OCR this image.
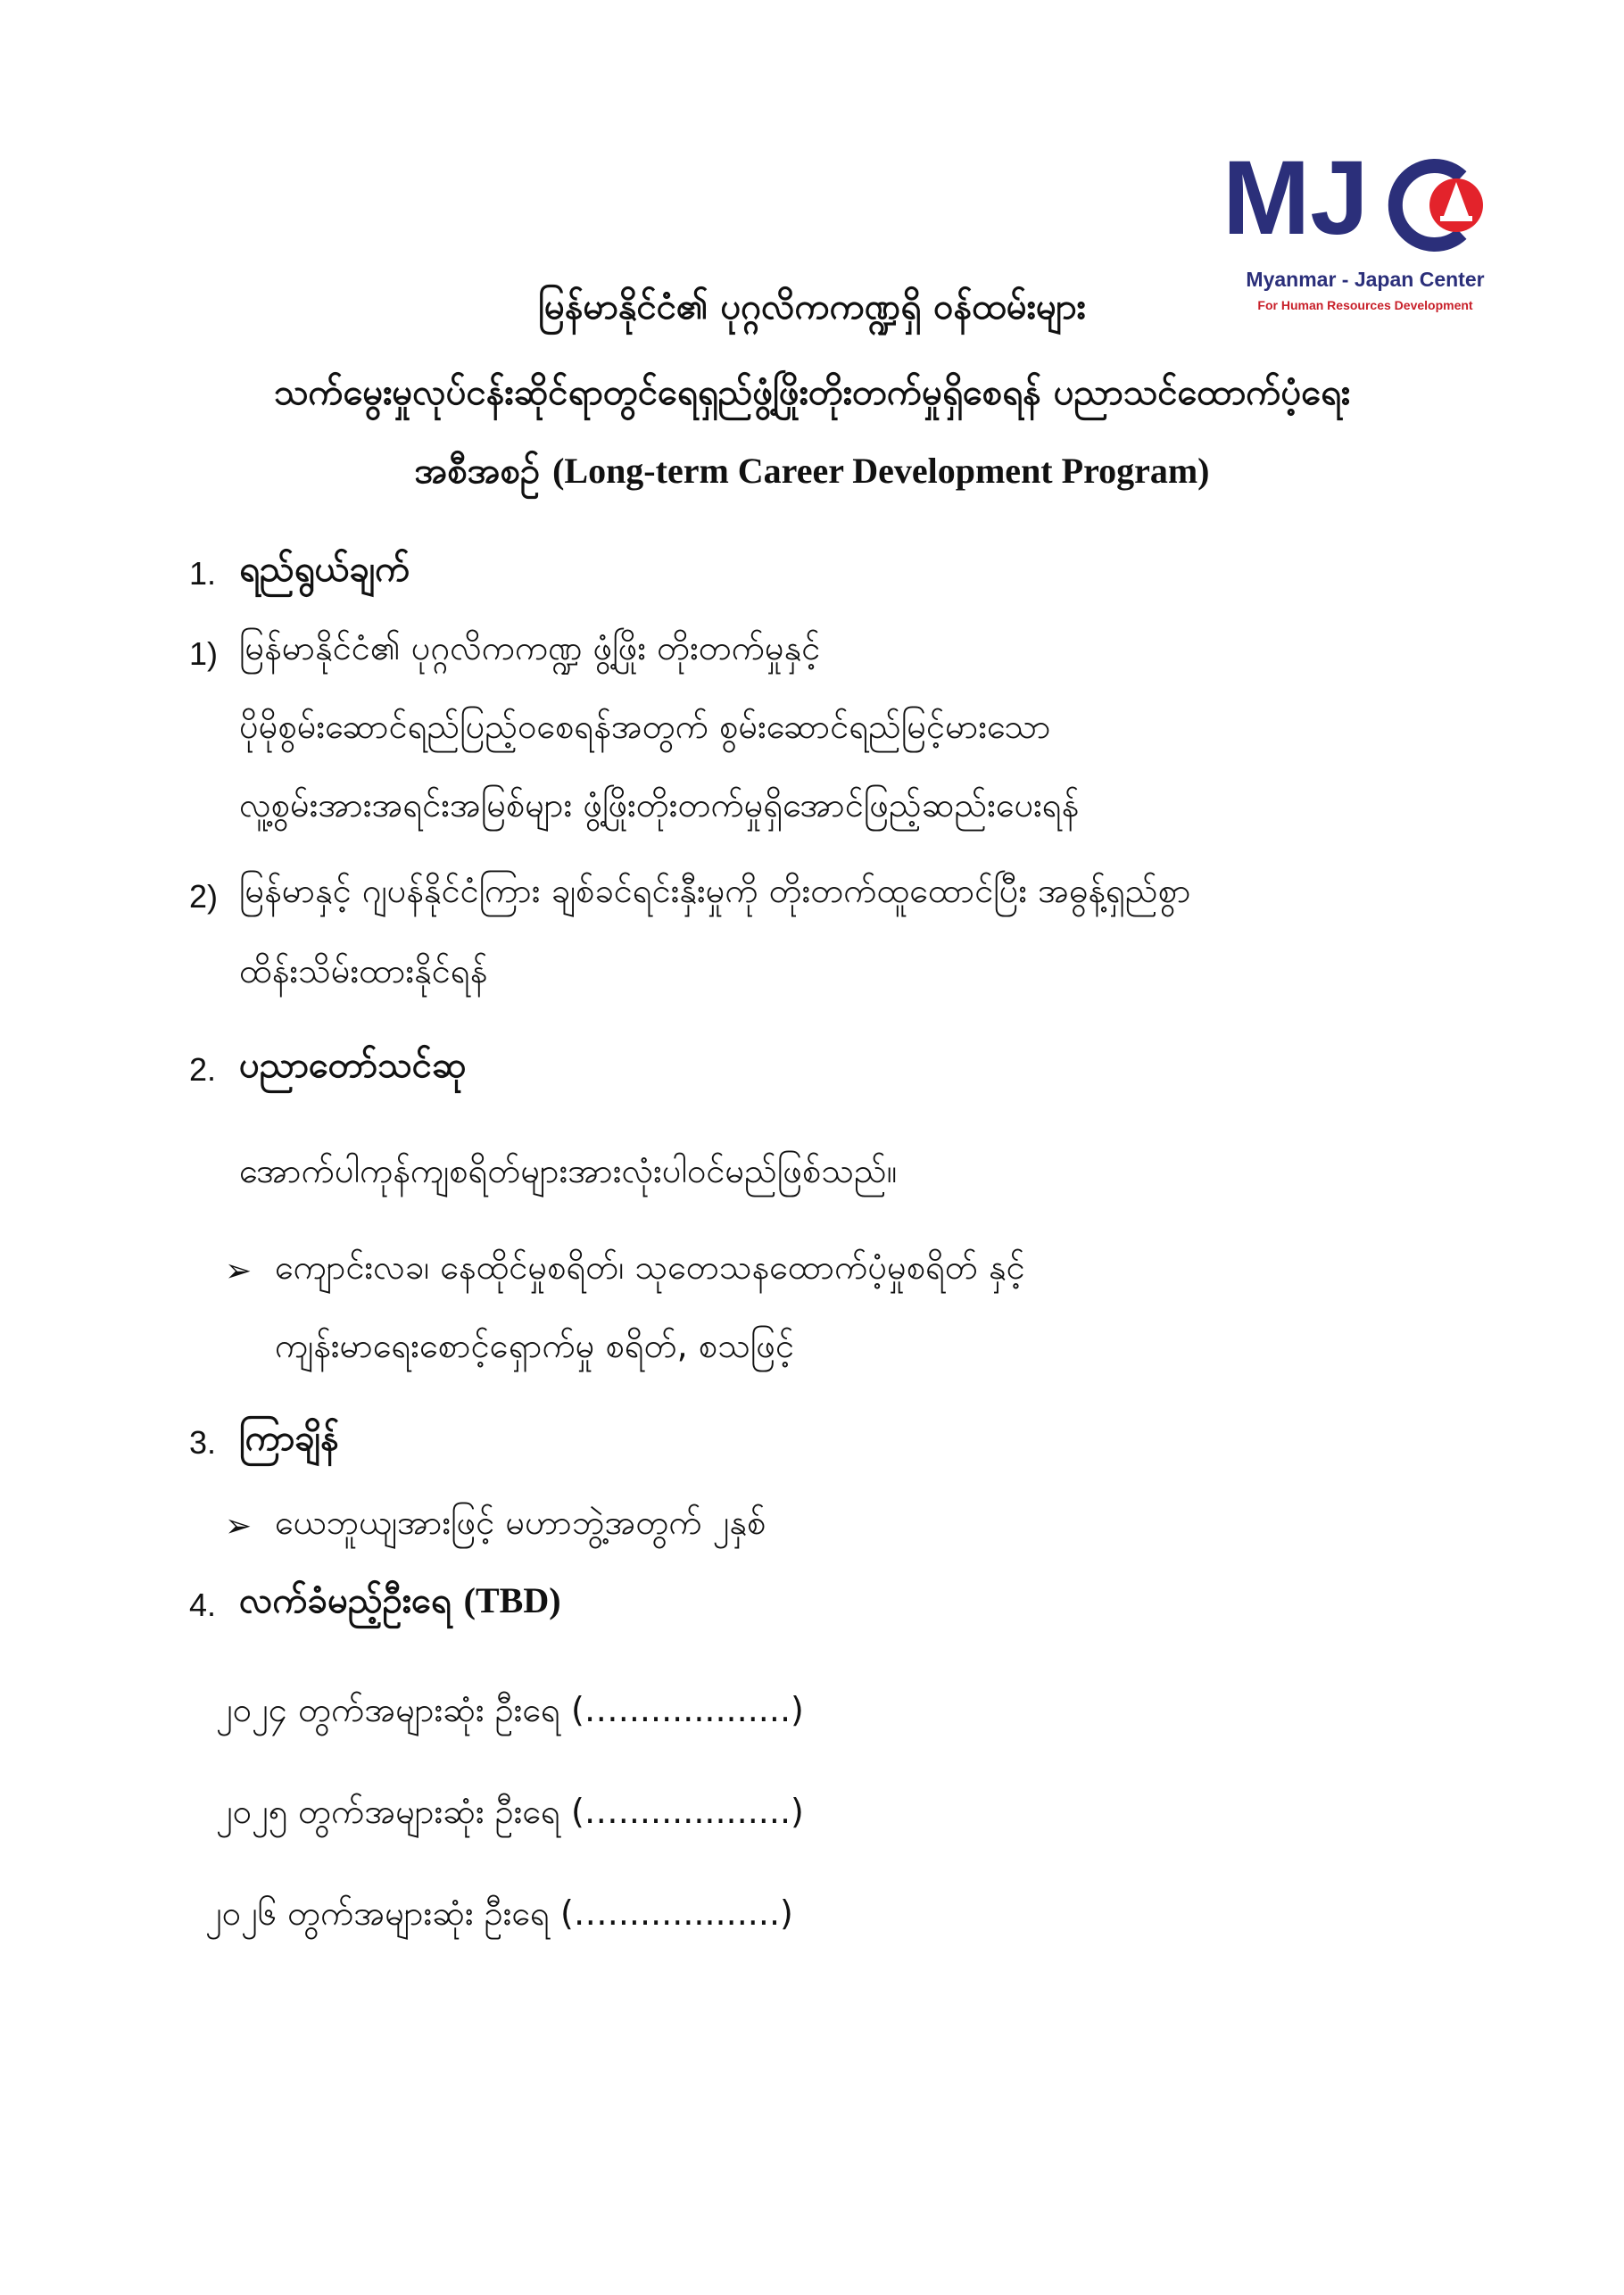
MJ
Myanmar - Japan Center
For Human Resources Development
မြန်မာနိုင်ငံ၏ ပုဂ္ဂလိကကဏ္ဍရှိ ဝန်ထမ်းများ
သက်မွေးမှုလုပ်ငန်းဆိုင်ရာတွင်ရေရှည်ဖွံ့ဖြိုးတိုးတက်မှုရှိစေရန် ပညာသင်ထောက်ပံ့ရေး
အစီအစဉ် (Long-term Career Development Program)
1. ရည်ရွယ်ချက်
1) မြန်မာနိုင်ငံ၏ ပုဂ္ဂလိကကဏ္ဍ ဖွံ့ဖြိုး တိုးတက်မှုနှင့်
ပိုမိုစွမ်းဆောင်ရည်ပြည့်ဝစေရန်အတွက် စွမ်းဆောင်ရည်မြင့်မားသော
လူ့စွမ်းအားအရင်းအမြစ်များ ဖွံ့ဖြိုးတိုးတက်မှုရှိအောင်ဖြည့်ဆည်းပေးရန်
2) မြန်မာနှင့် ဂျပန်နိုင်ငံကြား ချစ်ခင်ရင်းနှီးမှုကို တိုးတက်ထူထောင်ပြီး အဓွန့်ရှည်စွာ
ထိန်းသိမ်းထားနိုင်ရန်
2. ပညာတော်သင်ဆု
အောက်ပါကုန်ကျစရိတ်များအားလုံးပါဝင်မည်ဖြစ်သည်။
➢ ကျောင်းလခ၊ နေထိုင်မှုစရိတ်၊ သုတေသနထောက်ပံ့မှုစရိတ် နှင့်
ကျန်းမာရေးစောင့်ရှောက်မှု စရိတ်, စသဖြင့်
3. ကြာချိန်
➢ ယေဘူယျအားဖြင့် မဟာဘွဲ့အတွက် ၂နှစ်
4. လက်ခံမည့်ဦးရေ (TBD)
၂၀၂၄ တွက်အများဆုံး ဦးရေ (…................)
၂၀၂၅ တွက်အများဆုံး ဦးရေ (…................)
၂၀၂၆ တွက်အများဆုံး ဦးရေ (…................)
